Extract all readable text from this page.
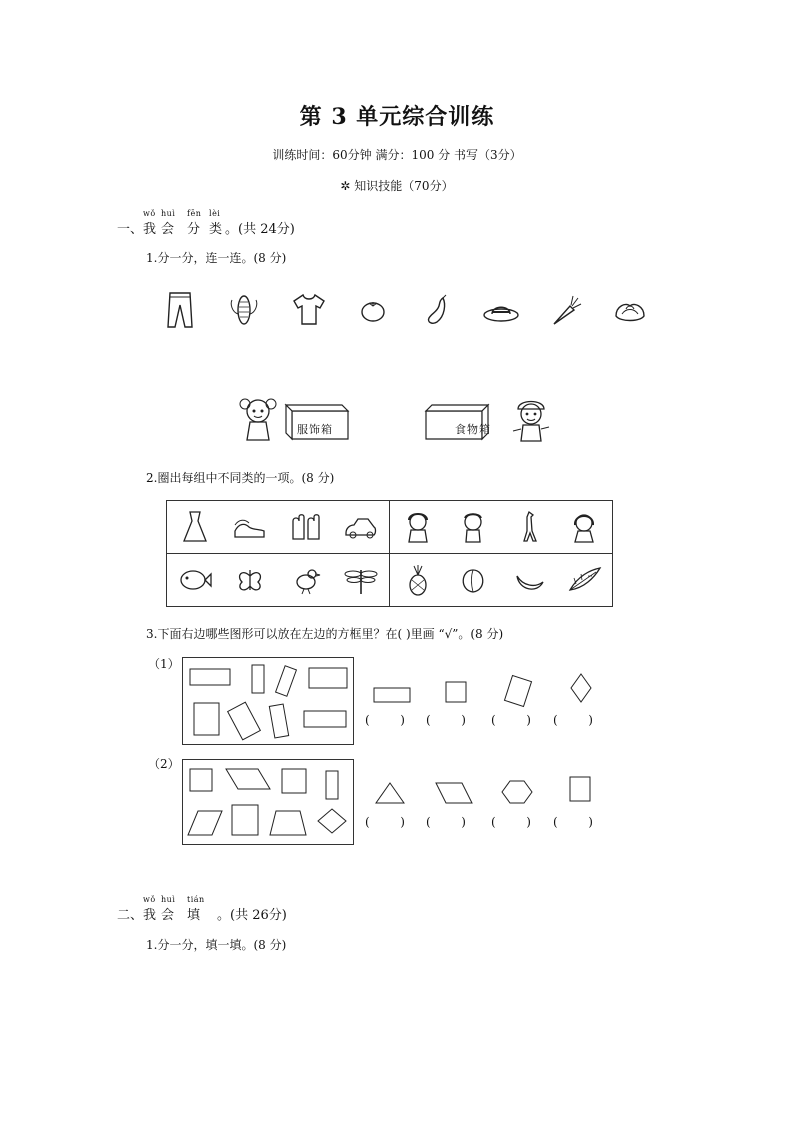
第 3 单元综合训练
训练时间：60分钟 满分：100 分 书写（3分）
✲ 知识技能（70分）
一、
wǒ
我
huì
会
fēn
分
lèi
类 。(共 24分)
1.分一分，连一连。(8 分)
服饰箱	食物箱
2.圈出每组中不同类的一项。(8 分)

3.下面右边哪些图形可以放在左边的方框里？在( )里画 “√”。(8 分)
（1）
(        ) (        ) (        ) (        )
（2）
(        ) (        ) (        ) (        )
二、
wǒ
我
huì
会
tián
填 。(共 26分)
1.分一分，填一填。(8 分)
